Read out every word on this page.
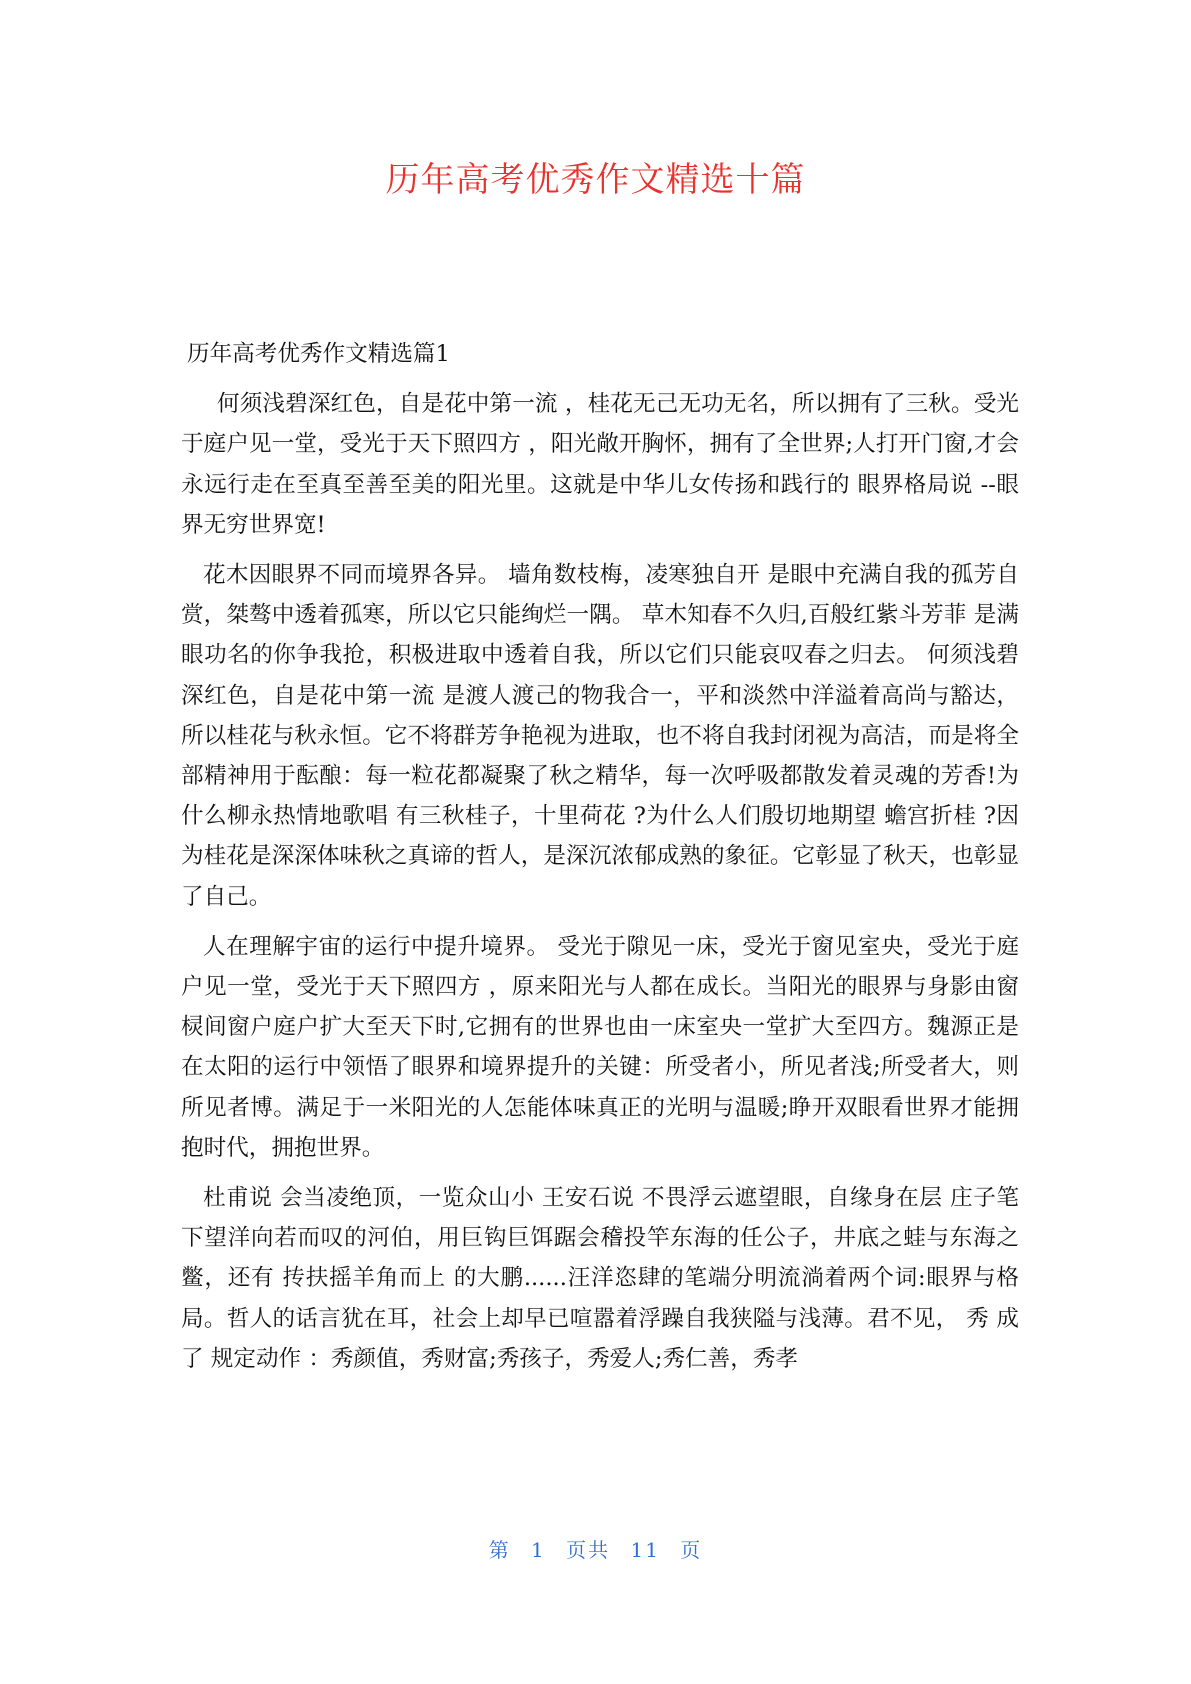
历年高考优秀作文精选十篇
历年高考优秀作文精选篇1

何须浅碧深红色，自是花中第一流 ，桂花无己无功无名，所以拥有了三秋。受光于庭户见一堂，受光于天下照四方 ，阳光敞开胸怀，拥有了全世界;人打开门窗,才会永远行走在至真至善至美的阳光里。这就是中华儿女传扬和践行的 眼界格局说 --眼界无穷世界宽!

花木因眼界不同而境界各异。 墙角数枝梅，凌寒独自开 是眼中充满自我的孤芳自赏，桀骜中透着孤寒，所以它只能绚烂一隅。 草木知春不久归,百般红紫斗芳菲 是满眼功名的你争我抢，积极进取中透着自我，所以它们只能哀叹春之归去。 何须浅碧深红色，自是花中第一流 是渡人渡己的物我合一，平和淡然中洋溢着高尚与豁达，所以桂花与秋永恒。它不将群芳争艳视为进取，也不将自我封闭视为高洁，而是将全部精神用于酝酿：每一粒花都凝聚了秋之精华，每一次呼吸都散发着灵魂的芳香!为什么柳永热情地歌唱 有三秋桂子，十里荷花 ?为什么人们殷切地期望 蟾宫折桂 ?因为桂花是深深体味秋之真谛的哲人，是深沉浓郁成熟的象征。它彰显了秋天，也彰显了自己。

人在理解宇宙的运行中提升境界。 受光于隙见一床，受光于窗见室央，受光于庭户见一堂，受光于天下照四方 ，原来阳光与人都在成长。当阳光的眼界与身影由窗棂间窗户庭户扩大至天下时,它拥有的世界也由一床室央一堂扩大至四方。魏源正是在太阳的运行中领悟了眼界和境界提升的关键：所受者小，所见者浅;所受者大，则所见者博。满足于一米阳光的人怎能体味真正的光明与温暖;睁开双眼看世界才能拥抱时代，拥抱世界。

杜甫说 会当凌绝顶，一览众山小 王安石说 不畏浮云遮望眼，自缘身在层 庄子笔下望洋向若而叹的河伯，用巨钩巨饵踞会稽投竿东海的任公子，井底之蛙与东海之鳖，还有 抟扶摇羊角而上 的大鹏......汪洋恣肆的笔端分明流淌着两个词:眼界与格局。哲人的话言犹在耳，社会上却早已喧嚣着浮躁自我狭隘与浅薄。君不见， 秀 成了 规定动作 ：秀颜值，秀财富;秀孩子，秀爱人;秀仁善，秀孝

第 1 页共 11 页
